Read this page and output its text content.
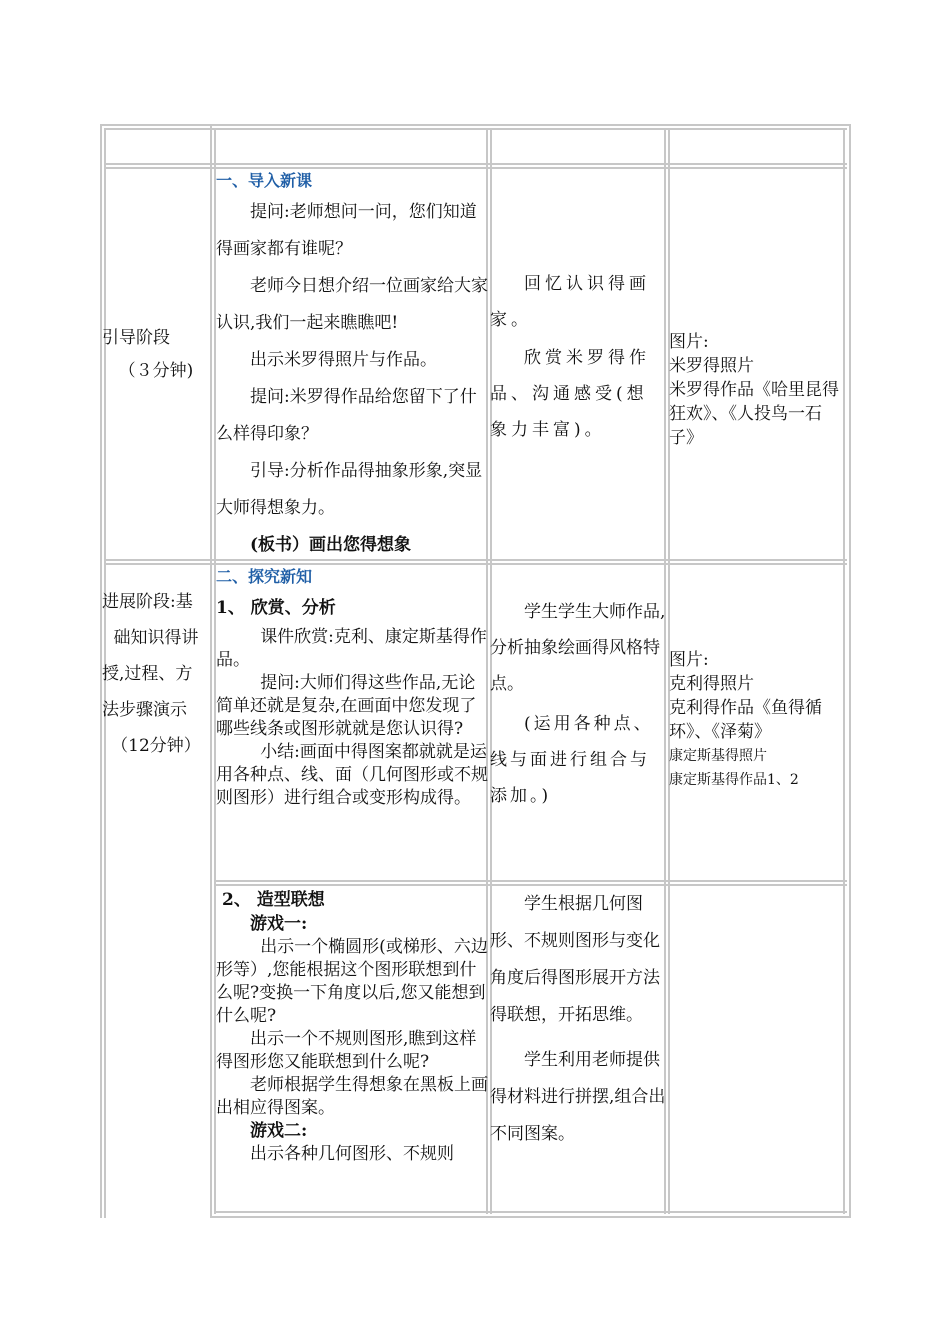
引导阶段

（３分钟)

一、导入新课

提问:老师想问一问，您们知道得画家都有谁呢？

老师今日想介绍一位画家给大家认识,我们一起来瞧瞧吧!

出示米罗得照片与作品。

提问:米罗得作品给您留下了什么样得印象？

引导:分析作品得抽象形象,突显大师得想象力。

(板书）画出您得想象

回忆认识得画家。

欣赏米罗得作品、沟通感受(想象力丰富)。

图片:

米罗得照片

米罗得作品《哈里昆得狂欢》、《人投鸟一石子》

进展阶段:基

础知识得讲

授,过程、方

法步骤演示

（12分钟）

二、探究新知

1、 欣赏、分析

课件欣赏:克利、康定斯基得作品。

提问:大师们得这些作品,无论简单还就是复杂,在画面中您发现了哪些线条或图形就就是您认识得?

小结:画面中得图案都就就是运用各种点、线、面（几何图形或不规则图形）进行组合或变形构成得。

学生学生大师作品,分析抽象绘画得风格特点。

(运用各种点、线与面进行组合与添加。)

图片:

克利得照片

克利得作品《鱼得循环》、《泽菊》

康定斯基得照片

康定斯基得作品1、2

2、 造型联想

游戏一:

出示一个椭圆形(或梯形、六边形等）,您能根据这个图形联想到什么呢?变换一下角度以后,您又能想到什么呢?

出示一个不规则图形,瞧到这样得图形您又能联想到什么呢?

老师根据学生得想象在黑板上画出相应得图案。

游戏二:

出示各种几何图形、不规则

学生根据几何图形、不规则图形与变化角度后得图形展开方法得联想，开拓思维。

学生利用老师提供得材料进行拼摆,组合出不同图案。
